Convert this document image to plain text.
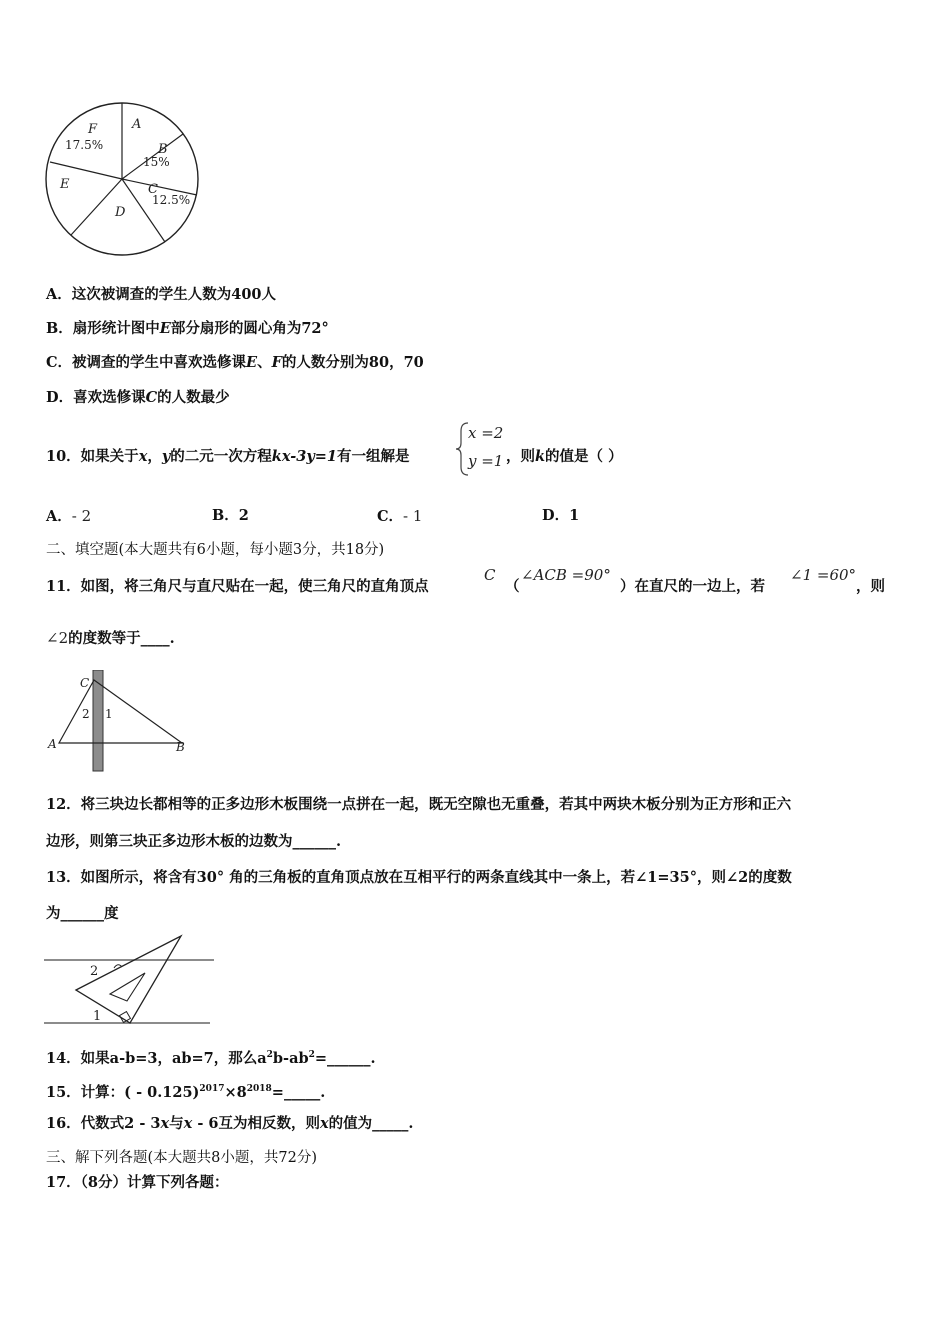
A
B
15%
C
12.5%
D
E
F
17.5%
A．这次被调查的学生人数为400人
B．扇形统计图中E部分扇形的圆心角为72°
C．被调查的学生中喜欢选修课E、F的人数分别为80，70
D．喜欢选修课C的人数最少
10．如果关于x，y的二元一次方程kx-3y=1有一组解是
x =2
y =1 ，则k的值是（ ）
A．- 2	B．2	C．- 1	D．1
二、填空题(本大题共有6小题，每小题3分，共18分)
11．如图，将三角尺与直尺贴在一起，使三角尺的直角顶点
C
（
∠ACB =90°
）在直尺的一边上，若
∠1 =60°
，则
∠2的度数等于____.
C
A	B
2 1
12．将三块边长都相等的正多边形木板围绕一点拼在一起，既无空隙也无重叠，若其中两块木板分别为正方形和正六
边形，则第三块正多边形木板的边数为______.
13．如图所示，将含有30° 角的三角板的直角顶点放在互相平行的两条直线其中一条上，若∠1=35°，则∠2的度数
为______度
2
1
14．如果a-b=3，ab=7，那么$a^2b-ab^2=\_\_\_\_\_\_$.
15．计算：( - $0.125)^{2017}\times 8^{2018}=\_\_\_\_\_$.
16．代数式2 - 3x与x - 6互为相反数，则x的值为_____.
三、解下列各题(本大题共8小题，共72分)
17．（8分）计算下列各题：
